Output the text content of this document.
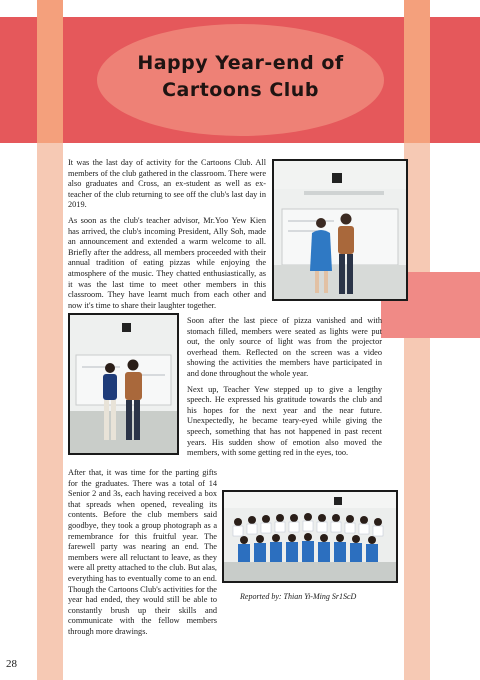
Happy Year-end of
Cartoons Club

It was the last day of activity for the Cartoons Club. All members of the club gathered in the classroom. There were also graduates and Cross, an ex-student as well as ex-teacher of the club returning to see off the club's last day in 2019.

As soon as the club's teacher advisor, Mr.Yoo Yew Kien has arrived, the club's incoming President, Ally Soh, made an announcement and extended a warm welcome to all. Briefly after the address, all members proceeded with their annual tradition of eating pizzas while enjoying the atmosphere of the music. They chatted enthusiastically, as it was the last time to meet other members in this classroom. They have learnt much from each other and now it's time to share their laughter together.

Soon after the last piece of pizza vanished and with stomach filled, members were seated as lights were put out, the only source of light was from the projector overhead them. Reflected on the screen was a video showing the activities the members have participated in and done throughout the whole year.

Next up, Teacher Yew stepped up to give a lengthy speech. He expressed his gratitude towards the club and his hopes for the next year and the near future. Unexpectedly, he became teary-eyed while giving the speech, something that has not happened in past recent years. His sudden show of emotion also moved the members, with some getting red in the eyes, too.

After that, it was time for the parting gifts for the graduates. There was a total of 14 Senior 2 and 3s, each having received a box that spreads when opened, revealing its contents. Before the club members said goodbye, they took a group photograph as a remembrance for this fruitful year. The farewell party was nearing an end. The members were all reluctant to leave, as they were all pretty attached to the club. But alas, everything has to eventually come to an end. Though the Cartoons Club's activities for the year had ended, they would still be able to constantly brush up their skills and communicate with the fellow members through more drawings.

Reported by: Thian Yi-Ming Sr1ScD
28
